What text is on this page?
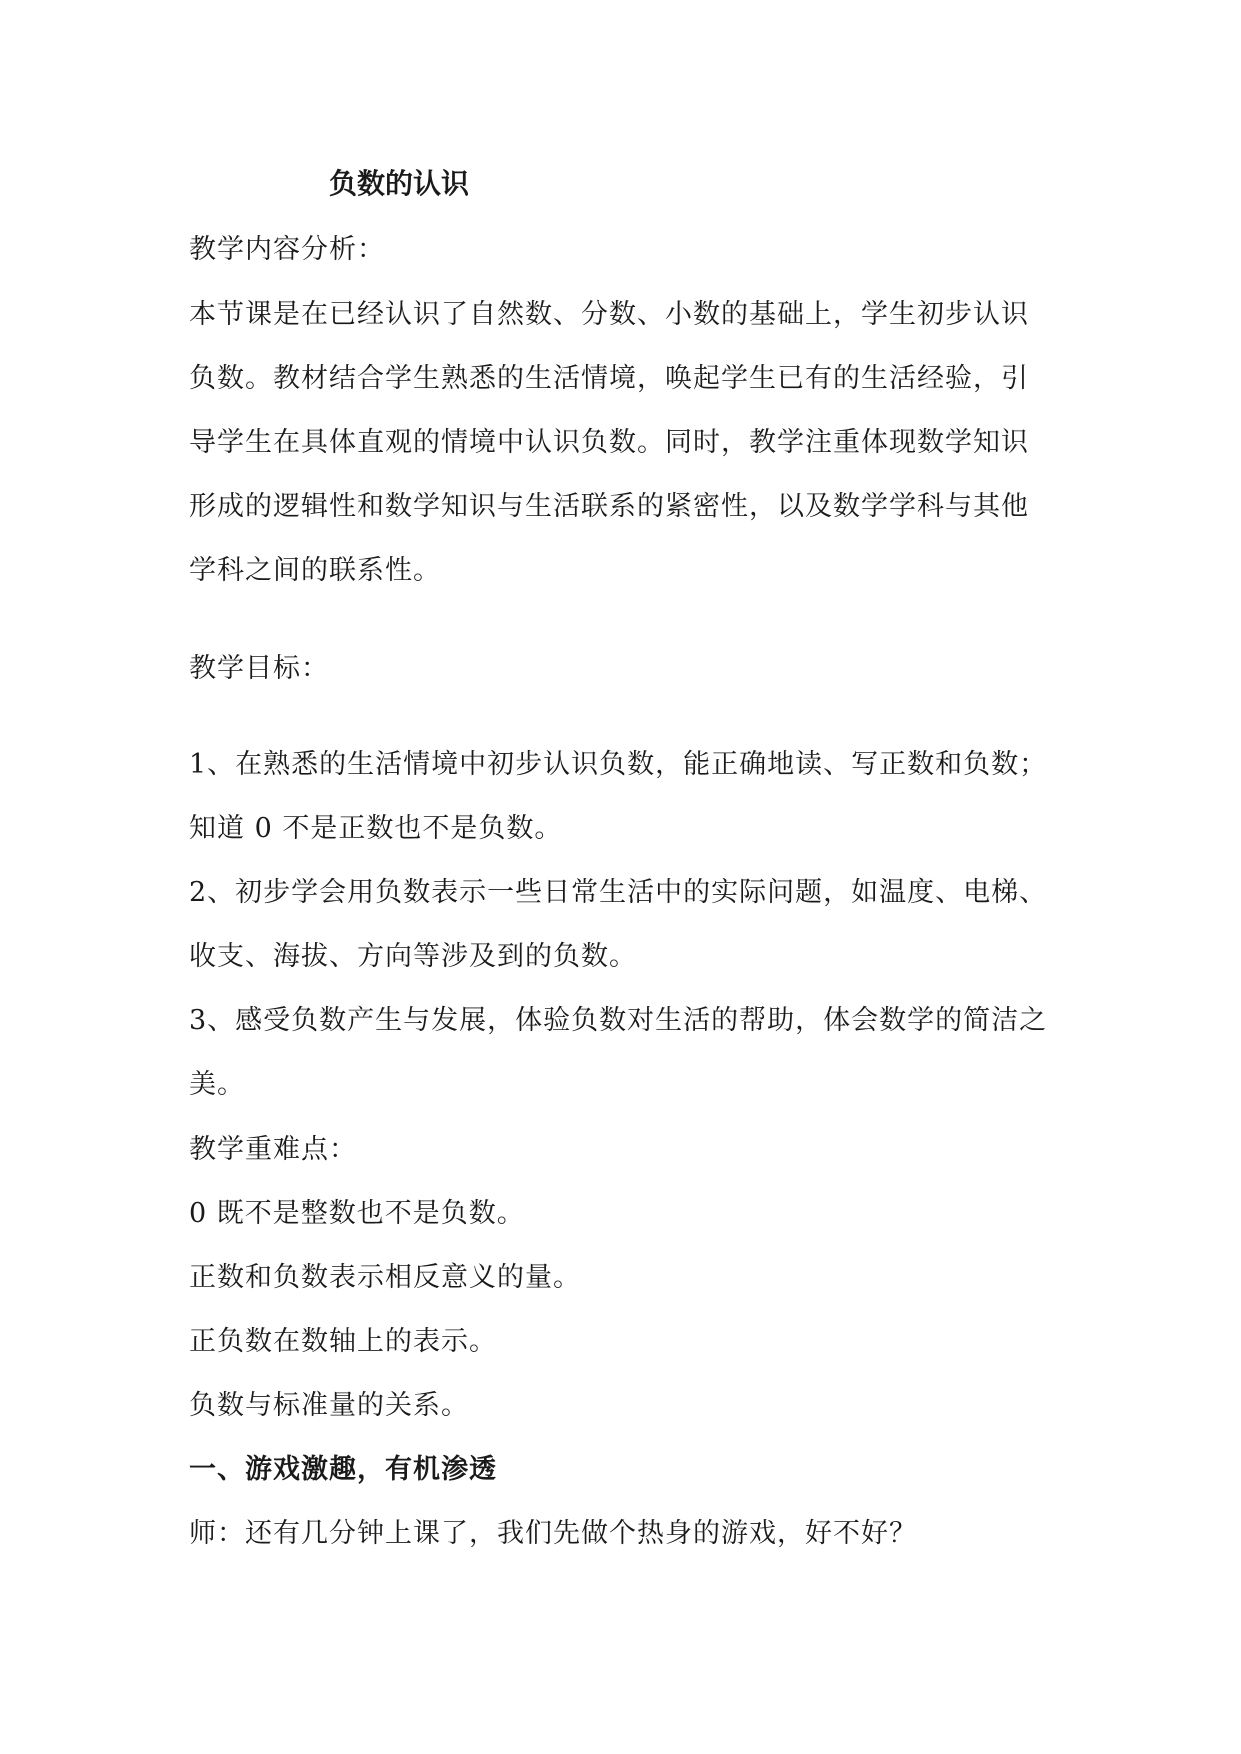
负数的认识
教学内容分析：
本节课是在已经认识了自然数、分数、小数的基础上，学生初步认识
负数。教材结合学生熟悉的生活情境，唤起学生已有的生活经验，引
导学生在具体直观的情境中认识负数。同时，教学注重体现数学知识
形成的逻辑性和数学知识与生活联系的紧密性，以及数学学科与其他
学科之间的联系性。
教学目标：
1、在熟悉的生活情境中初步认识负数，能正确地读、写正数和负数；
知道 0 不是正数也不是负数。
2、初步学会用负数表示一些日常生活中的实际问题，如温度、电梯、
收支、海拔、方向等涉及到的负数。
3、感受负数产生与发展，体验负数对生活的帮助，体会数学的简洁之
美。
教学重难点：
0 既不是整数也不是负数。
正数和负数表示相反意义的量。
正负数在数轴上的表示。
负数与标准量的关系。
一、游戏激趣，有机渗透
师：还有几分钟上课了，我们先做个热身的游戏，好不好？
